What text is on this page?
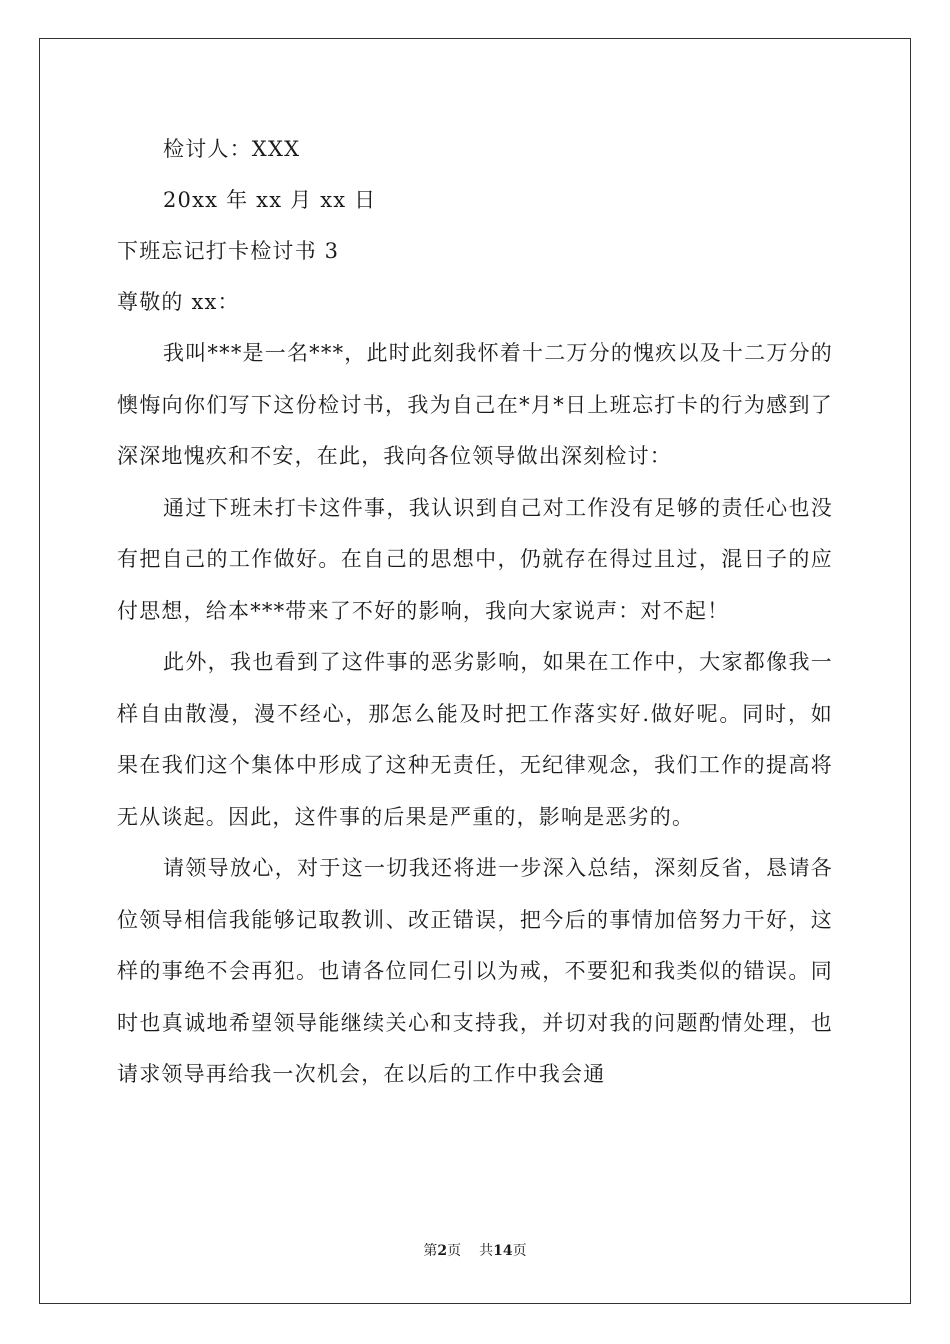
检讨人：XXX
20xx 年 xx 月 xx 日
下班忘记打卡检讨书 3
尊敬的 xx：

我叫***是一名***，此时此刻我怀着十二万分的愧疚以及十二万分的懊悔向你们写下这份检讨书，我为自己在*月*日上班忘打卡的行为感到了深深地愧疚和不安，在此，我向各位领导做出深刻检讨：

通过下班未打卡这件事，我认识到自己对工作没有足够的责任心也没有把自己的工作做好。在自己的思想中，仍就存在得过且过，混日子的应付思想，给本***带来了不好的影响，我向大家说声：对不起！

此外，我也看到了这件事的恶劣影响，如果在工作中，大家都像我一样自由散漫，漫不经心，那怎么能及时把工作落实好.做好呢。同时，如果在我们这个集体中形成了这种无责任，无纪律观念，我们工作的提高将无从谈起。因此，这件事的后果是严重的，影响是恶劣的。

请领导放心，对于这一切我还将进一步深入总结，深刻反省，恳请各位领导相信我能够记取教训、改正错误，把今后的事情加倍努力干好，这样的事绝不会再犯。也请各位同仁引以为戒，不要犯和我类似的错误。同时也真诚地希望领导能继续关心和支持我，并切对我的问题酌情处理，也请求领导再给我一次机会，在以后的工作中我会通

第2页 共14页
